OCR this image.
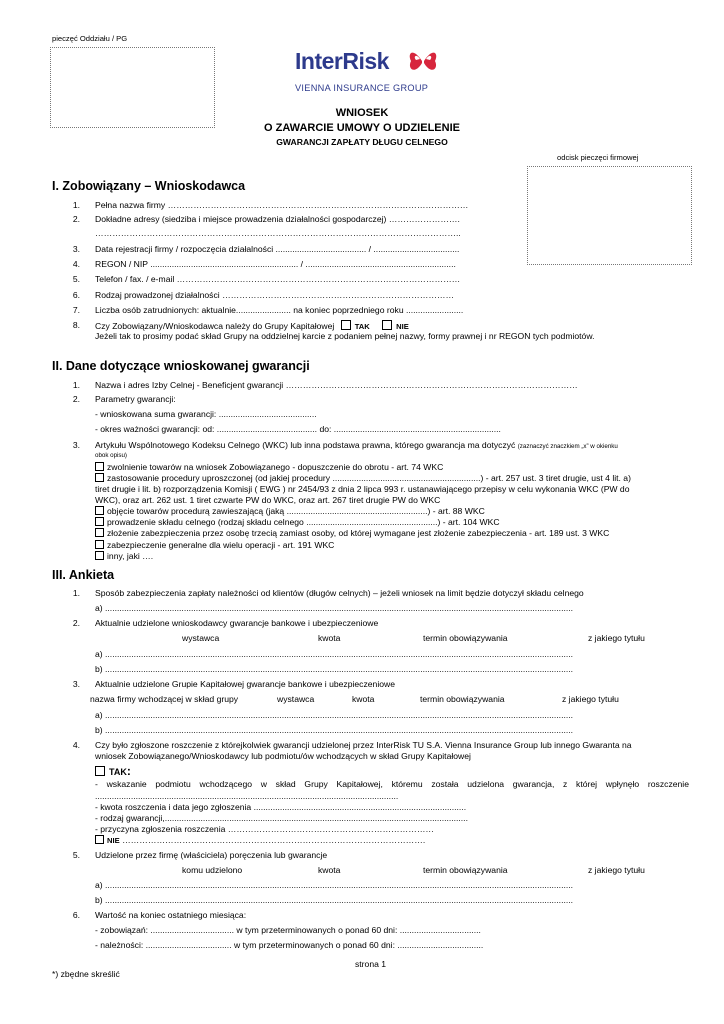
pieczęć Oddziału / PG
InterRisk
VIENNA INSURANCE GROUP
WNIOSEK
O ZAWARCIE UMOWY O UDZIELENIE
GWARANCJI ZAPŁATY DŁUGU CELNEGO
odcisk pieczęci firmowej
I. Zobowiązany – Wnioskodawca
1. Pełna nazwa firmy ……………………………………………………………………………………………
2. Dokładne adresy (siedziba i miejsce prowadzenia działalności gospodarczej) …………………….
………………………………………………………………………………………………………………..
3. Data rejestracji firmy / rozpoczęcia działalności ...................................... / ....................................
4. REGON / NIP .............................................................. / ...............................................................
5. Telefon / fax. / e-mail ………………………………………………………………………………………
6. Rodzaj prowadzonej działalności ………………………………………………………………………
7. Liczba osób zatrudnionych: aktualnie....................... na koniec poprzedniego roku ........................
8. Czy Zobowiązany/Wnioskodawca należy do Grupy Kapitałowej	TAK	NIE
Jeżeli tak to prosimy podać skład Grupy na oddzielnej karcie z podaniem pełnej nazwy, formy prawnej i nr REGON tych podmiotów.
II. Dane dotyczące wnioskowanej gwarancji
1. Nazwa i adres Izby Celnej - Beneficjent gwarancji …………………………………………………………………………………………
2. Parametry gwarancji:
- wnioskowana suma gwarancji: .........................................
- okres ważności gwarancji: od: .......................................... do: ......................................................................
3. Artykułu Wspólnotowego Kodeksu Celnego (WKC) lub inna podstawa prawna, którego gwarancja ma dotyczyć (zaznaczyć znaczkiem „x” w okienku
obok opisu)
zwolnienie towarów na wniosek Zobowiązanego - dopuszczenie do obrotu - art. 74 WKC
zastosowanie procedury uproszczonej (od jakiej procedury ..............................................................) - art. 257 ust. 3 tiret drugie, ust 4 lit. a)
tiret drugie i lit. b) rozporządzenia Komisji ( EWG ) nr 2454/93 z dnia 2 lipca 993 r. ustanawiającego przepisy w celu wykonania WKC (PW do
WKC), oraz art. 262 ust. 1 tiret czwarte PW do WKC, oraz art. 267 tiret drugie PW do WKC
objęcie towarów procedurą zawieszającą (jaką ...........................................................) - art. 88 WKC
prowadzenie składu celnego (rodzaj składu celnego .......................................................) - art. 104 WKC
złożenie zabezpieczenia przez osobę trzecią zamiast osoby, od której wymagane jest złożenie zabezpieczenia - art. 189 ust. 3 WKC
zabezpieczenie generalne dla wielu operacji - art. 191 WKC
inny, jaki ….
III. Ankieta
1. Sposób zabezpieczenia zapłaty należności od klientów (długów celnych) – jeżeli wniosek na limit będzie dotyczył składu celnego
a) ....................................................................................................................................................................................................
2. Aktualnie udzielone wnioskodawcy gwarancje bankowe i ubezpieczeniowe
wystawca	kwota	termin obowiązywania	z jakiego tytułu
a) ....................................................................................................................................................................................................
b) ....................................................................................................................................................................................................
3. Aktualnie udzielone Grupie Kapitałowej gwarancje bankowe i ubezpieczeniowe
nazwa firmy wchodzącej w skład grupy	wystawca	kwota	termin obowiązywania	z jakiego tytułu
a) ....................................................................................................................................................................................................
b) ....................................................................................................................................................................................................
4. Czy było zgłoszone roszczenie z którejkolwiek gwarancji udzielonej przez InterRisk TU S.A. Vienna Insurance Group lub innego Gwaranta na
wniosek Zobowiązanego/Wnioskodawcy lub podmiotu/ów wchodzących w skład Grupy Kapitałowej
TAK:
- wskazanie podmiotu wchodzącego w skład Grupy Kapitałowej, któremu została udzielona gwarancja, z której wpłynęło roszczenie
...............................................................................................................................
- kwota roszczenia i data jego zgłoszenia .........................................................................................
- rodzaj gwarancji,...............................................................................................................................
- przyczyna zgłoszenia roszczenia ………………………………………………………………
NIE …………………………………………………………………………………………….
5. Udzielone przez firmę (właściciela) poręczenia lub gwarancje
komu udzielono	kwota	termin obowiązywania	z jakiego tytułu
a) ....................................................................................................................................................................................................
b) ....................................................................................................................................................................................................
6. Wartość na koniec ostatniego miesiąca:
- zobowiązań: ................................... w tym przeterminowanych o ponad 60 dni: ..................................
- należności: .................................... w tym przeterminowanych o ponad 60 dni: ....................................
strona 1
*) zbędne skreślić
